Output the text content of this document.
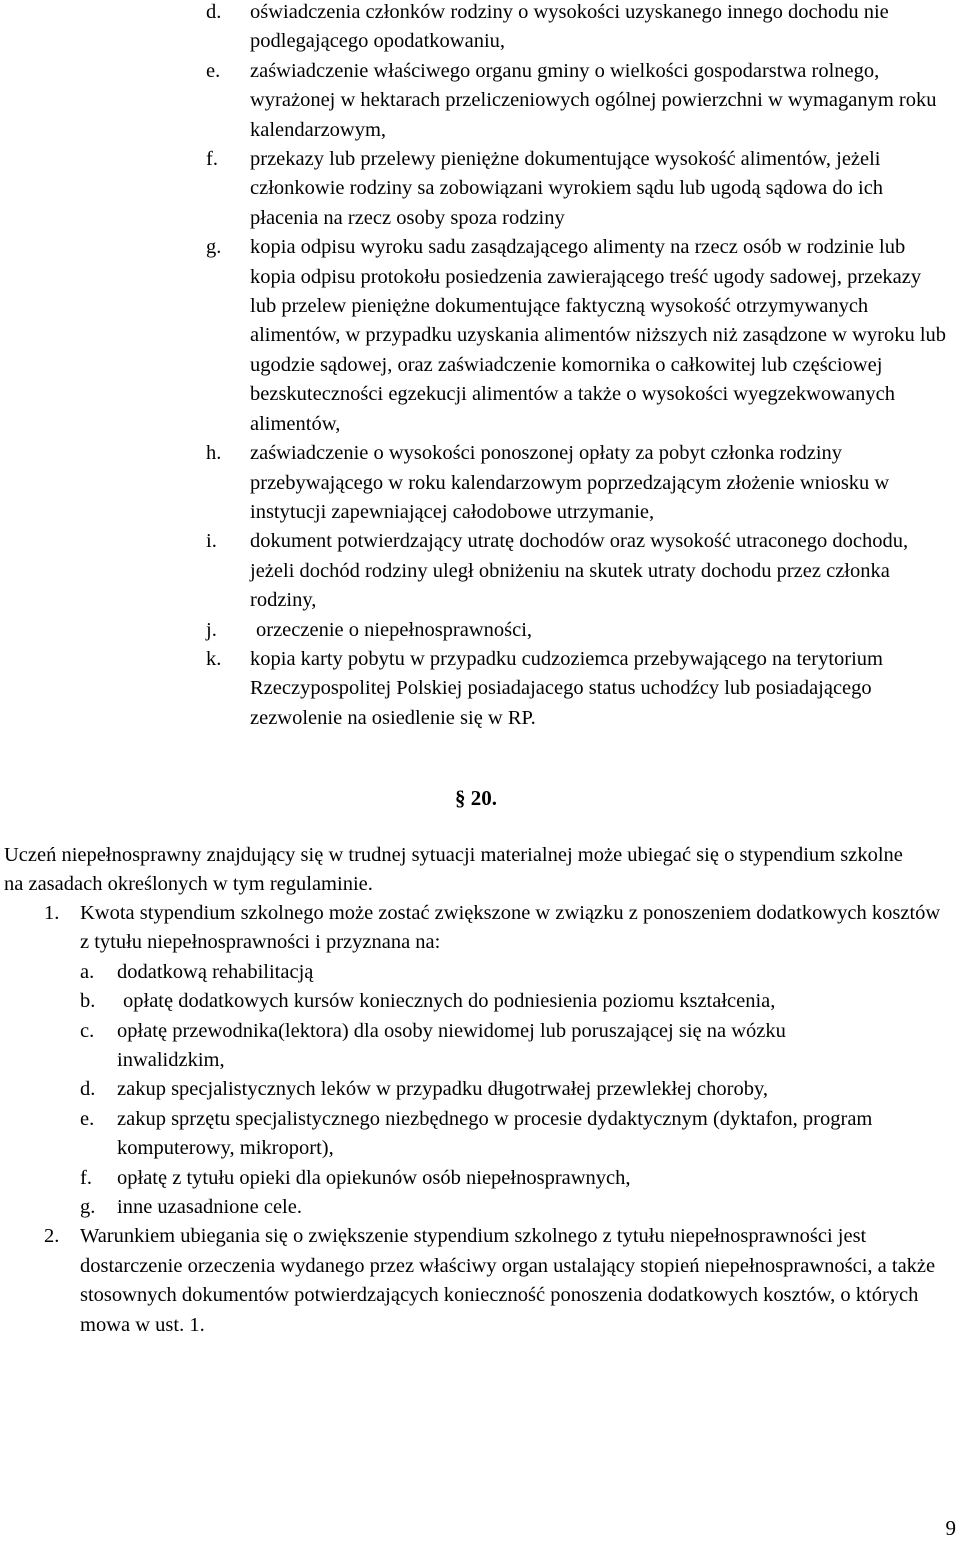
d.	oświadczenia członków rodziny o wysokości uzyskanego innego dochodu nie podlegającego opodatkowaniu,
e.	zaświadczenie właściwego organu gminy o wielkości gospodarstwa rolnego, wyrażonej w hektarach przeliczeniowych ogólnej powierzchni w wymaganym roku kalendarzowym,
f.	przekazy lub przelewy pieniężne dokumentujące wysokość alimentów, jeżeli członkowie rodziny sa zobowiązani wyrokiem sądu lub ugodą sądowa do ich płacenia na rzecz osoby spoza rodziny
g.	kopia odpisu wyroku sadu zasądzającego alimenty na rzecz osób w rodzinie lub kopia odpisu protokołu posiedzenia zawierającego treść ugody sadowej, przekazy lub przelew pieniężne dokumentujące faktyczną wysokość otrzymywanych alimentów, w przypadku uzyskania alimentów niższych niż zasądzone w wyroku lub ugodzie sądowej, oraz zaświadczenie komornika o całkowitej lub częściowej bezskuteczności egzekucji alimentów a także o wysokości wyegzekwowanych alimentów,
h.	zaświadczenie o wysokości ponoszonej opłaty za pobyt członka rodziny przebywającego w roku kalendarzowym poprzedzającym złożenie wniosku w instytucji zapewniającej całodobowe utrzymanie,
i.	dokument potwierdzający utratę dochodów oraz wysokość utraconego dochodu, jeżeli dochód rodziny uległ obniżeniu na skutek utraty dochodu przez członka rodziny,
j.	orzeczenie o niepełnosprawności,
k.	kopia karty pobytu w przypadku cudzoziemca przebywającego na terytorium Rzeczypospolitej Polskiej posiadajacego status uchodźcy lub posiadającego zezwolenie na osiedlenie się w RP.
§ 20.

Uczeń niepełnosprawny znajdujący się w trudnej sytuacji materialnej może ubiegać się o stypendium szkolne na zasadach określonych w tym regulaminie.

1.	Kwota stypendium szkolnego może zostać zwiększone w związku z ponoszeniem dodatkowych kosztów z tytułu niepełnosprawności i przyznana na:
a.	dodatkową rehabilitacją
b.	opłatę dodatkowych kursów koniecznych do podniesienia poziomu kształcenia,
c.	opłatę przewodnika(lektora) dla osoby niewidomej lub poruszającej się na wózku inwalidzkim,
d.	zakup specjalistycznych leków w przypadku długotrwałej przewlekłej choroby,
e.	zakup sprzętu specjalistycznego niezbędnego w procesie dydaktycznym (dyktafon, program komputerowy, mikroport),
f.	opłatę z tytułu opieki dla opiekunów osób niepełnosprawnych,
g.	inne uzasadnione cele.
2.	Warunkiem ubiegania się o zwiększenie stypendium szkolnego z tytułu niepełnosprawności jest dostarczenie orzeczenia wydanego przez właściwy organ ustalający stopień niepełnosprawności, a także stosownych dokumentów potwierdzających konieczność ponoszenia dodatkowych kosztów, o których mowa w ust. 1.
9
